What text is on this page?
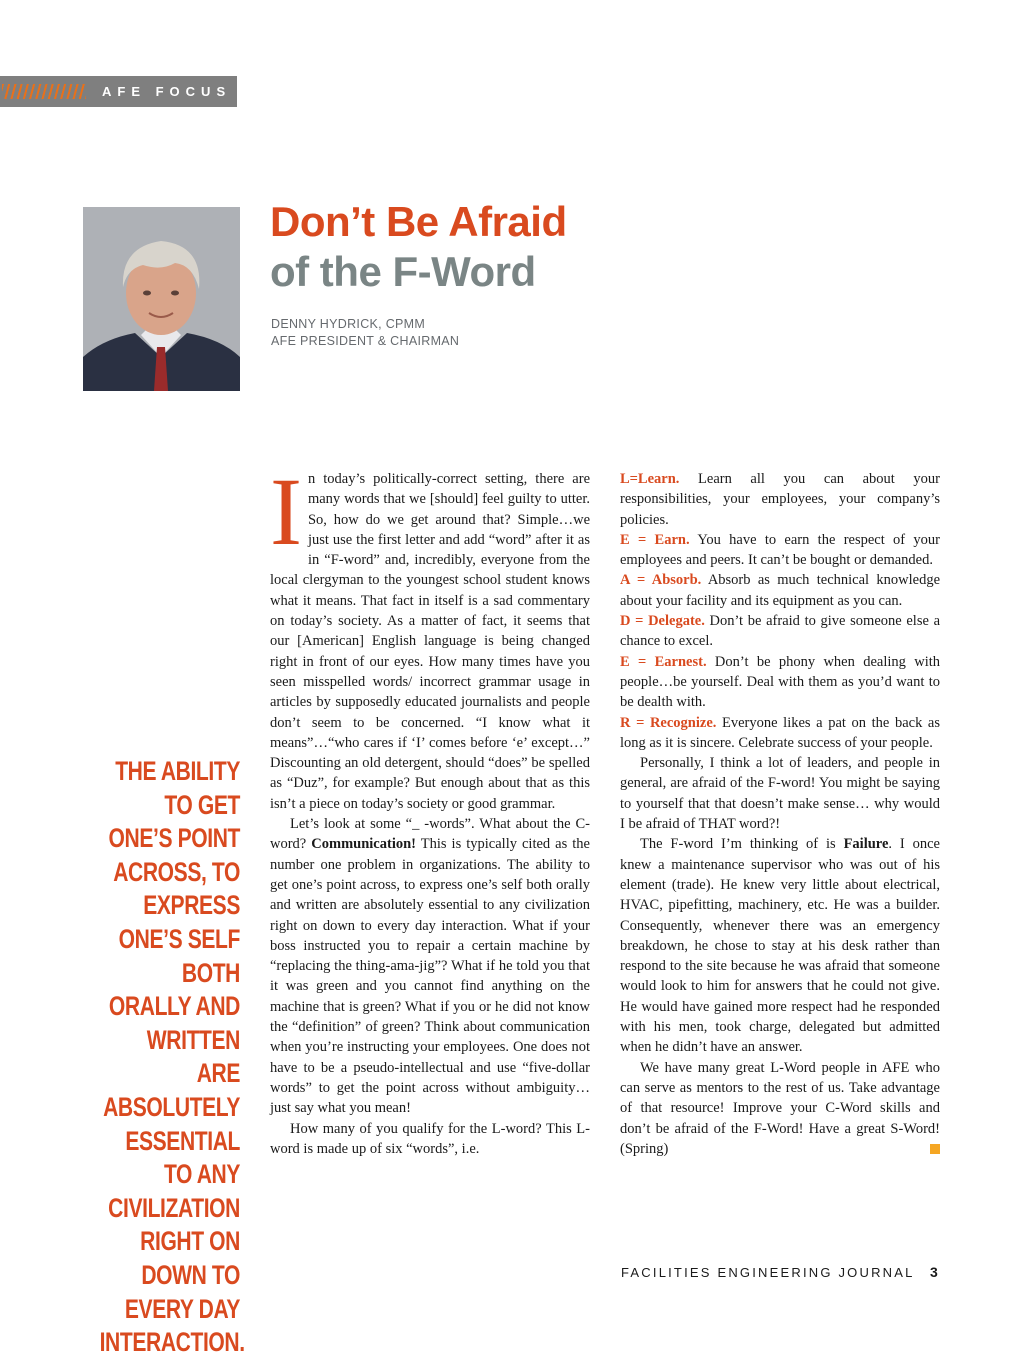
AFE FOCUS
Don’t Be Afraid
of the F-Word
DENNY HYDRICK, CPMM
AFE PRESIDENT & CHAIRMAN
THE ABILITY TO GET ONE’S POINT ACROSS, TO EXPRESS ONE’S SELF BOTH ORALLY AND WRITTEN ARE ABSOLUTELY ESSENTIAL TO ANY CIVILIZATION RIGHT ON DOWN TO EVERY DAY INTERACTION.

In today’s politically-correct setting, there are many words that we [should] feel guilty to utter. So, how do we get around that? Simple…we just use the first letter and add “word” after it as in “F-word” and, incredibly, everyone from the local clergyman to the youngest school student knows what it means. That fact in itself is a sad commentary on today’s society. As a matter of fact, it seems that our [American] English language is being changed right in front of our eyes. How many times have you seen misspelled words/ incorrect grammar usage in articles by supposedly educated journalists and people don’t seem to be concerned. “I know what it means”…“who cares if ‘I’ comes before ‘e’ except…” Discounting an old detergent, should “does” be spelled as “Duz”, for example? But enough about that as this isn’t a piece on today’s society or good grammar.

Let’s look at some “_ -words”. What about the C-word? Communication! This is typically cited as the number one problem in organizations. The ability to get one’s point across, to express one’s self both orally and written are absolutely essential to any civilization right on down to every day interaction. What if your boss instructed you to repair a certain machine by “replacing the thing-ama-jig”? What if he told you that it was green and you cannot find anything on the machine that is green? What if you or he did not know the “definition” of green? Think about communication when you’re instructing your employees. One does not have to be a pseudo-intellectual and use “five-dollar words” to get the point across without ambiguity… just say what you mean!

How many of you qualify for the L-word? This L-word is made up of six “words”, i.e.

L=Learn. Learn all you can about your responsibilities, your employees, your company’s policies.

E = Earn. You have to earn the respect of your employees and peers. It can’t be bought or demanded.

A = Absorb. Absorb as much technical knowledge about your facility and its equipment as you can.

D = Delegate. Don’t be afraid to give someone else a chance to excel.

E = Earnest. Don’t be phony when dealing with people…be yourself. Deal with them as you’d want to be dealth with.

R = Recognize. Everyone likes a pat on the back as long as it is sincere. Celebrate success of your people.

Personally, I think a lot of leaders, and people in general, are afraid of the F-word! You might be saying to yourself that that doesn’t make sense… why would I be afraid of THAT word?!

The F-word I’m thinking of is Failure. I once knew a maintenance supervisor who was out of his element (trade). He knew very little about electrical, HVAC, pipefitting, machinery, etc. He was a builder. Consequently, whenever there was an emergency breakdown, he chose to stay at his desk rather than respond to the site because he was afraid that someone would look to him for answers that he could not give. He would have gained more respect had he responded with his men, took charge, delegated but admitted when he didn’t have an answer.

We have many great L-Word people in AFE who can serve as mentors to the rest of us. Take advantage of that resource! Improve your C-Word skills and don’t be afraid of the F-Word! Have a great S-Word! (Spring)

FACILITIES ENGINEERING JOURNAL 3
